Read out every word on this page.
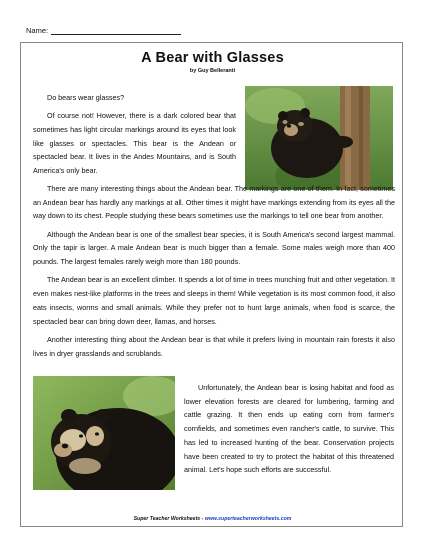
Name:
A Bear with Glasses
by Guy Belleranti

Do bears wear glasses?

Of course not! However, there is a dark colored bear that sometimes has light circular markings around its eyes that look like glasses or spectacles. This bear is the Andean or spectacled bear. It lives in the Andes Mountains, and is South America's only bear.

There are many interesting things about the Andean bear. The markings are one of them. In fact, sometimes an Andean bear has hardly any markings at all. Other times it might have markings extending from its eyes all the way down to its chest. People studying these bears sometimes use the markings to tell one bear from another.

Although the Andean bear is one of the smallest bear species, it is South America's second largest mammal. Only the tapir is larger. A male Andean bear is much bigger than a female. Some males weigh more than 400 pounds. The largest females rarely weigh more than 180 pounds.

The Andean bear is an excellent climber. It spends a lot of time in trees munching fruit and other vegetation. It even makes nest-like platforms in the trees and sleeps in them! While vegetation is its most common food, it also eats insects, worms and small animals. While they prefer not to hunt large animals, when food is scarce, the spectacled bear can bring down deer, llamas, and horses.

Another interesting thing about the Andean bear is that while it prefers living in mountain rain forests it also lives in dryer grasslands and scrublands.

Unfortunately, the Andean bear is losing habitat and food as lower elevation forests are cleared for lumbering, farming and cattle grazing. It then ends up eating corn from farmer's cornfields, and sometimes even rancher's cattle, to survive. This has led to increased hunting of the bear. Conservation projects have been created to try to protect the habitat of this threatened animal. Let's hope such efforts are successful.

Super Teacher Worksheets - www.superteacherworksheets.com
